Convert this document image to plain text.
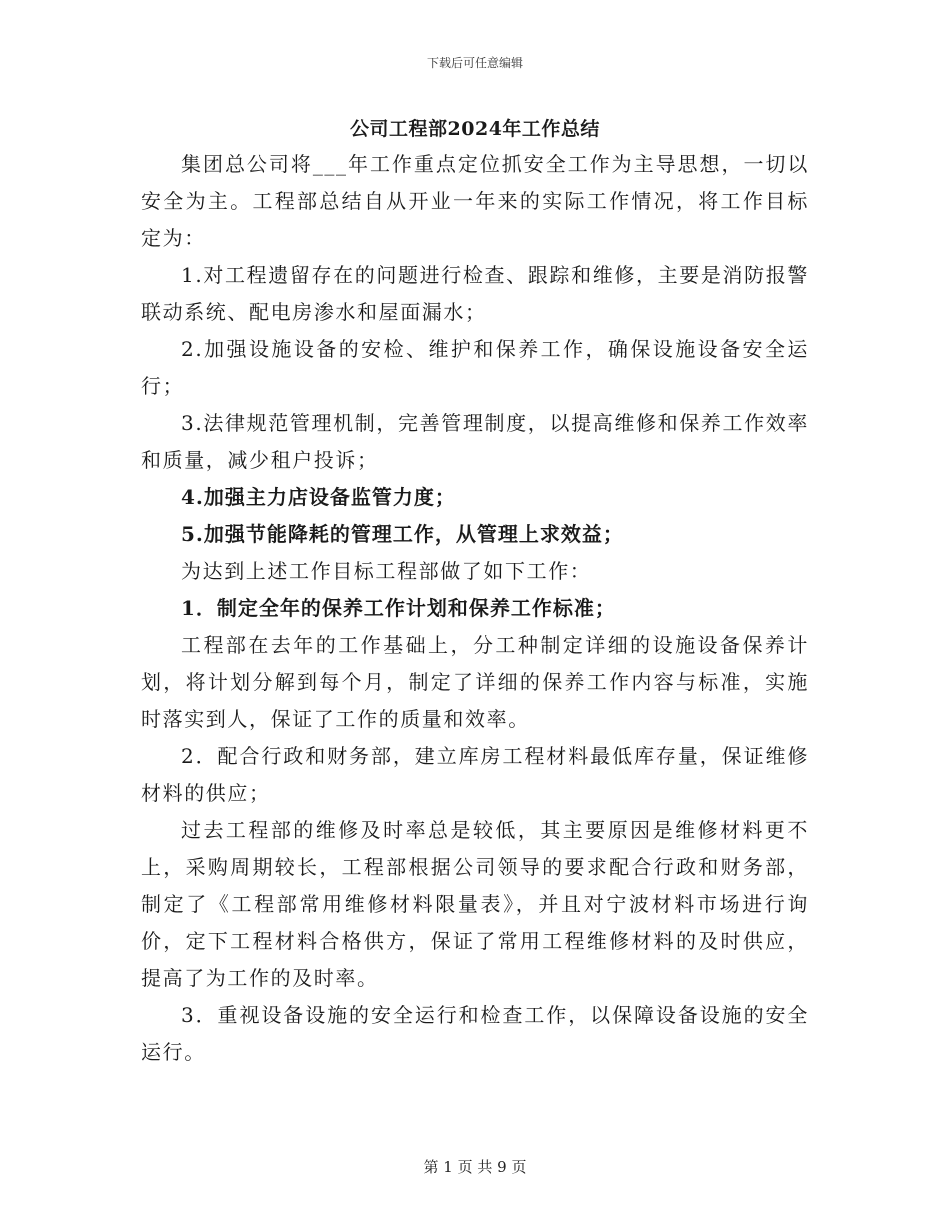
下载后可任意编辑
公司工程部2024年工作总结

集团总公司将___年工作重点定位抓安全工作为主导思想，一切以安全为主。工程部总结自从开业一年来的实际工作情况，将工作目标定为：

1.对工程遗留存在的问题进行检查、跟踪和维修，主要是消防报警联动系统、配电房渗水和屋面漏水；

2.加强设施设备的安检、维护和保养工作，确保设施设备安全运行；

3.法律规范管理机制，完善管理制度，以提高维修和保养工作效率和质量，减少租户投诉；

4.加强主力店设备监管力度；

5.加强节能降耗的管理工作，从管理上求效益；

为达到上述工作目标工程部做了如下工作：

1．制定全年的保养工作计划和保养工作标准；

工程部在去年的工作基础上，分工种制定详细的设施设备保养计划，将计划分解到每个月，制定了详细的保养工作内容与标准，实施时落实到人，保证了工作的质量和效率。

2．配合行政和财务部，建立库房工程材料最低库存量，保证维修材料的供应；

过去工程部的维修及时率总是较低，其主要原因是维修材料更不上，采购周期较长，工程部根据公司领导的要求配合行政和财务部，制定了《工程部常用维修材料限量表》，并且对宁波材料市场进行询价，定下工程材料合格供方，保证了常用工程维修材料的及时供应，提高了为工作的及时率。

3．重视设备设施的安全运行和检查工作，以保障设备设施的安全运行。

第 1 页 共 9 页
